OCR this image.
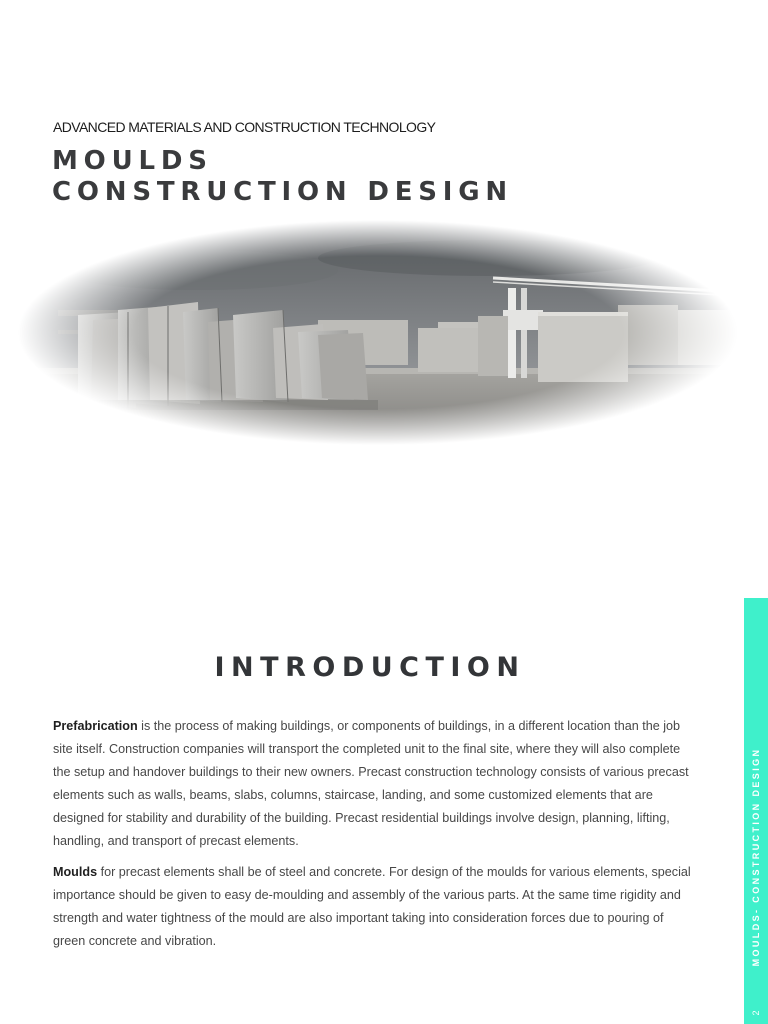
ADVANCED MATERIALS AND CONSTRUCTION TECHNOLOGY
MOULDS
CONSTRUCTION DESIGN
INTRODUCTION
Prefabrication is the process of making buildings, or components of buildings, in a different location than the job site itself. Construction companies will transport the completed unit to the final site, where they will also complete the setup and handover buildings to their new owners. Precast construction technology consists of various precast elements such as walls, beams, slabs, columns, staircase, landing, and some customized elements that are designed for stability and durability of the building. Precast residential buildings involve design, planning, lifting, handling, and transport of precast elements.
Moulds for precast elements shall be of steel and concrete. For design of the moulds for various elements, special importance should be given to easy de-moulding and assembly of the various parts. At the same time rigidity and strength and water tightness of the mould are also important taking into consideration forces due to pouring of green concrete and vibration.	MOULDS- CONSTRUCTION DESIGN
2
